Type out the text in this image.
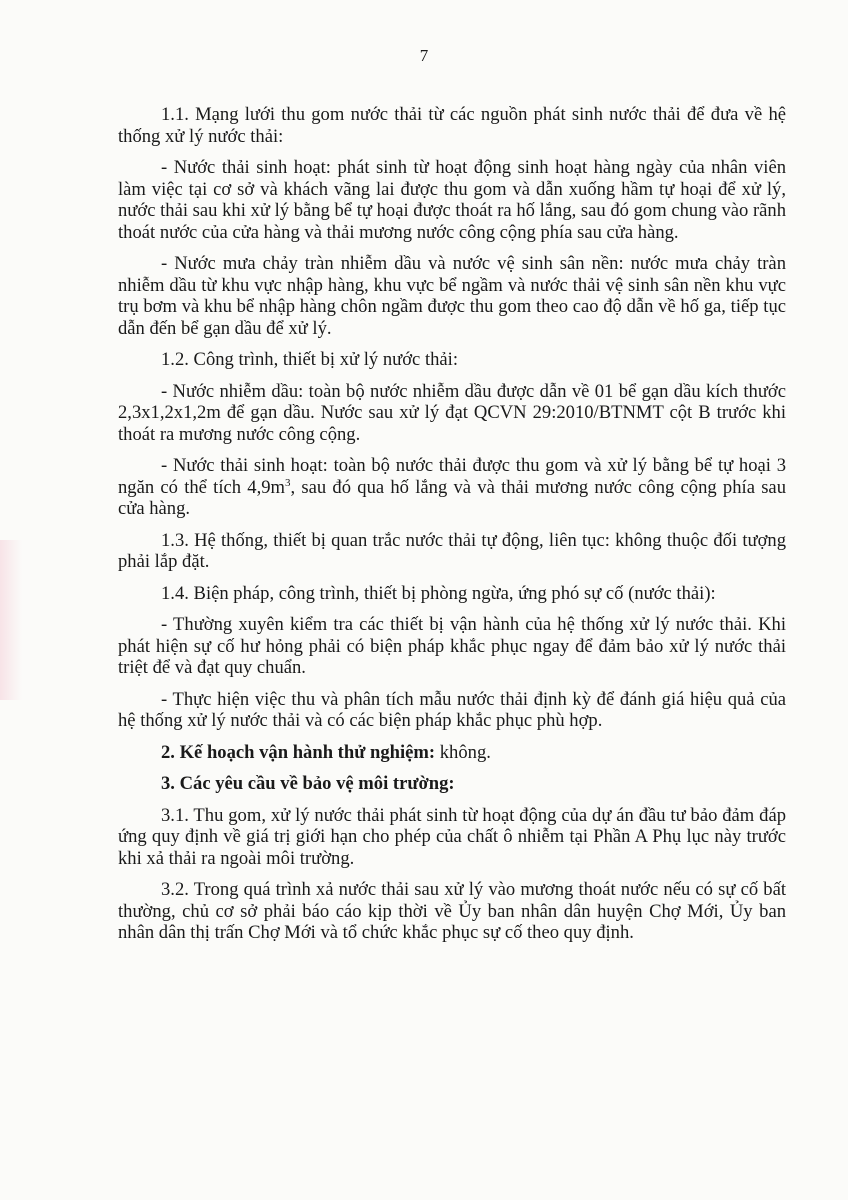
7

1.1. Mạng lưới thu gom nước thải từ các nguồn phát sinh nước thải để đưa về hệ thống xử lý nước thải:

- Nước thải sinh hoạt: phát sinh từ hoạt động sinh hoạt hàng ngày của nhân viên làm việc tại cơ sở và khách vãng lai được thu gom và dẫn xuống hầm tự hoại để xử lý, nước thải sau khi xử lý bằng bể tự hoại được thoát ra hố lắng, sau đó gom chung vào rãnh thoát nước của cửa hàng và thải mương nước công cộng phía sau cửa hàng.

- Nước mưa chảy tràn nhiễm dầu và nước vệ sinh sân nền: nước mưa chảy tràn nhiễm dầu từ khu vực nhập hàng, khu vực bể ngầm và nước thải vệ sinh sân nền khu vực trụ bơm và khu bể nhập hàng chôn ngầm được thu gom theo cao độ dẫn về hố ga, tiếp tục dẫn đến bể gạn dầu để xử lý.

1.2. Công trình, thiết bị xử lý nước thải:

- Nước nhiễm dầu: toàn bộ nước nhiễm dầu được dẫn về 01 bể gạn dầu kích thước 2,3x1,2x1,2m để gạn dầu. Nước sau xử lý đạt QCVN 29:2010/BTNMT cột B trước khi thoát ra mương nước công cộng.

- Nước thải sinh hoạt: toàn bộ nước thải được thu gom và xử lý bằng bể tự hoại 3 ngăn có thể tích $4,9m^3$, sau đó qua hố lắng và và thải mương nước công cộng phía sau cửa hàng.

1.3. Hệ thống, thiết bị quan trắc nước thải tự động, liên tục: không thuộc đối tượng phải lắp đặt.

1.4. Biện pháp, công trình, thiết bị phòng ngừa, ứng phó sự cố (nước thải):

- Thường xuyên kiểm tra các thiết bị vận hành của hệ thống xử lý nước thải. Khi phát hiện sự cố hư hỏng phải có biện pháp khắc phục ngay để đảm bảo xử lý nước thải triệt để và đạt quy chuẩn.

- Thực hiện việc thu và phân tích mẫu nước thải định kỳ để đánh giá hiệu quả của hệ thống xử lý nước thải và có các biện pháp khắc phục phù hợp.

2. Kế hoạch vận hành thử nghiệm: không.

3. Các yêu cầu về bảo vệ môi trường:

3.1. Thu gom, xử lý nước thải phát sinh từ hoạt động của dự án đầu tư bảo đảm đáp ứng quy định về giá trị giới hạn cho phép của chất ô nhiễm tại Phần A Phụ lục này trước khi xả thải ra ngoài môi trường.

3.2. Trong quá trình xả nước thải sau xử lý vào mương thoát nước nếu có sự cố bất thường, chủ cơ sở phải báo cáo kịp thời về Ủy ban nhân dân huyện Chợ Mới, Ủy ban nhân dân thị trấn Chợ Mới và tổ chức khắc phục sự cố theo quy định.
